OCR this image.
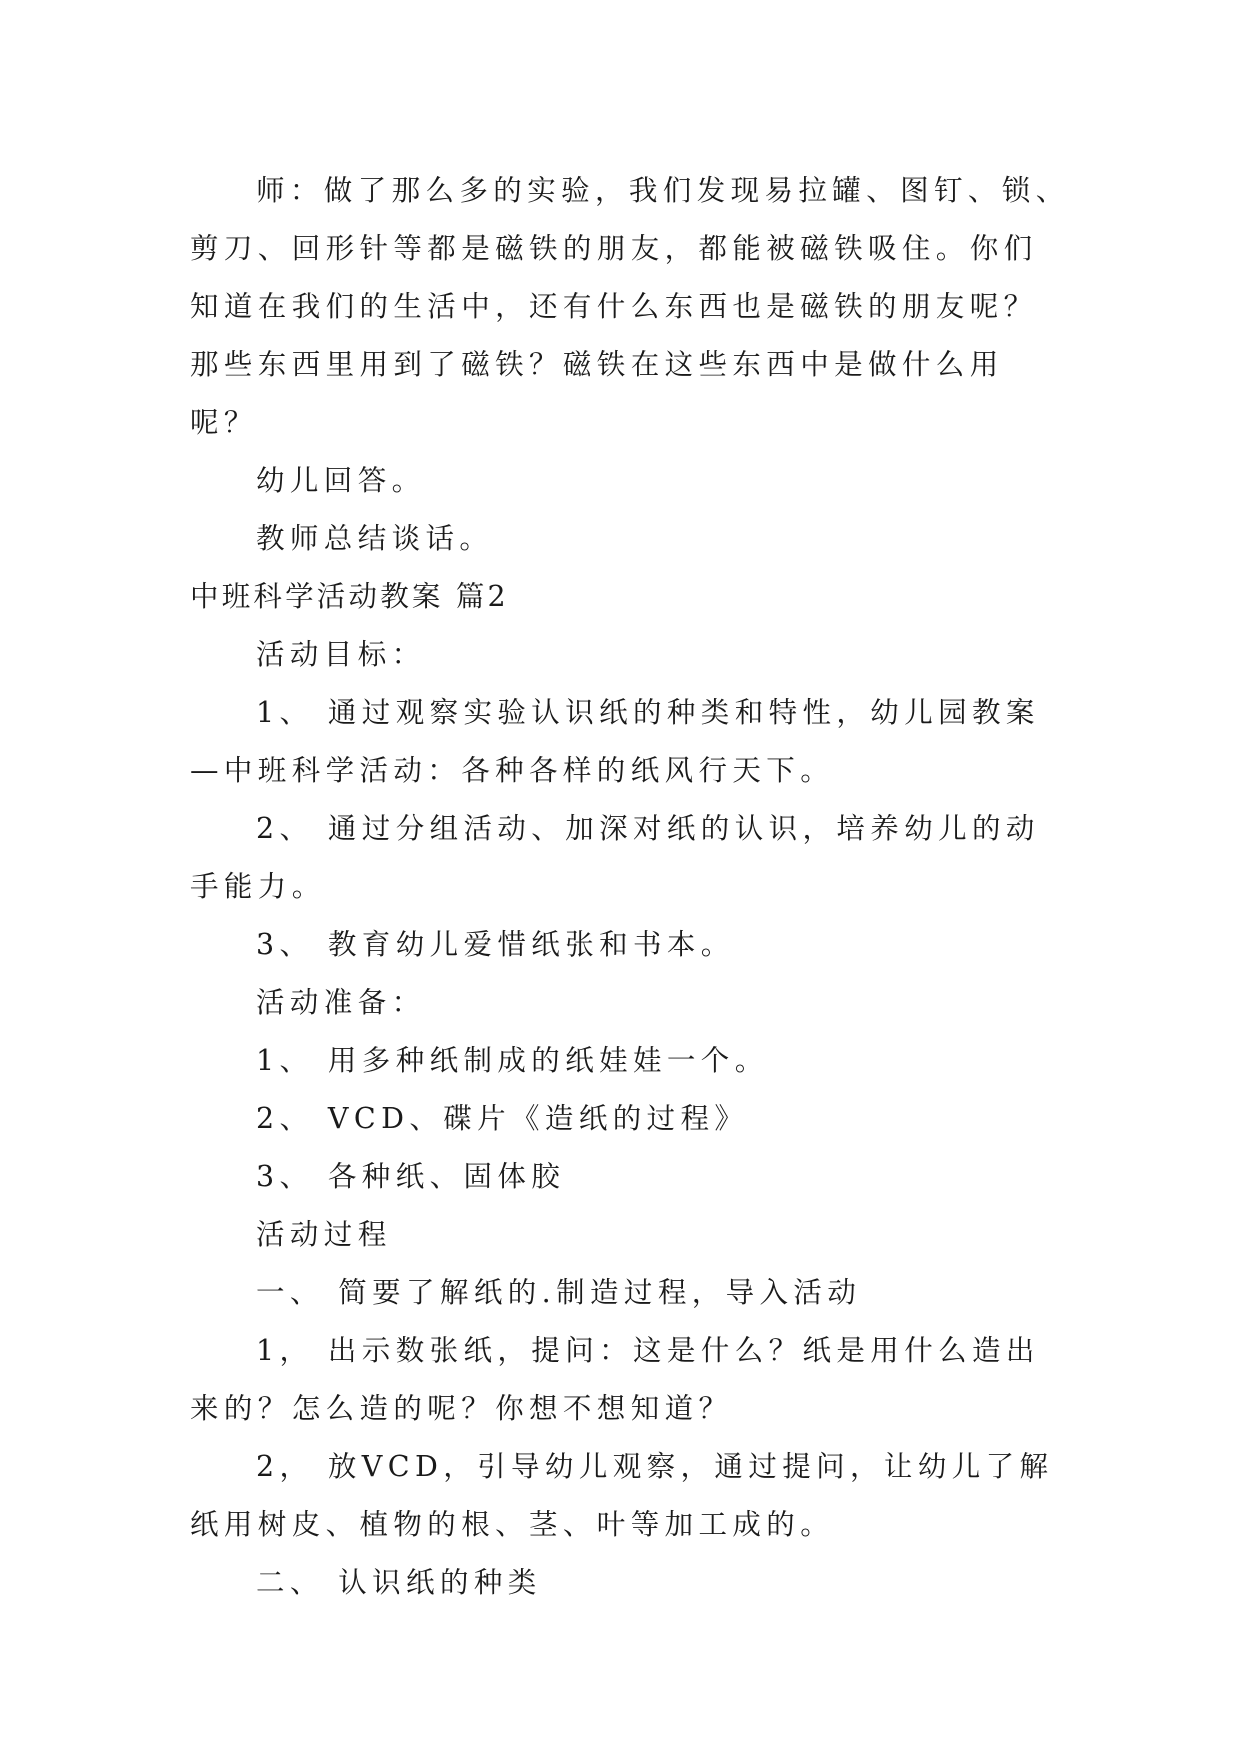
师：做了那么多的实验，我们发现易拉罐、图钉、锁、剪刀、回形针等都是磁铁的朋友，都能被磁铁吸住。你们知道在我们的生活中，还有什么东西也是磁铁的朋友呢？那些东西里用到了磁铁？磁铁在这些东西中是做什么用呢？

幼儿回答。

教师总结谈话。

中班科学活动教案 篇2

活动目标：

1、 通过观察实验认识纸的种类和特性，幼儿园教案—中班科学活动：各种各样的纸风行天下。

2、 通过分组活动、加深对纸的认识，培养幼儿的动手能力。

3、 教育幼儿爱惜纸张和书本。

活动准备：

1、 用多种纸制成的纸娃娃一个。

2、 VCD、碟片《造纸的过程》

3、 各种纸、固体胶

活动过程

一、 简要了解纸的.制造过程，导入活动

1， 出示数张纸，提问：这是什么？纸是用什么造出来的？怎么造的呢？你想不想知道？

2， 放VCD，引导幼儿观察，通过提问，让幼儿了解纸用树皮、植物的根、茎、叶等加工成的。

二、 认识纸的种类
